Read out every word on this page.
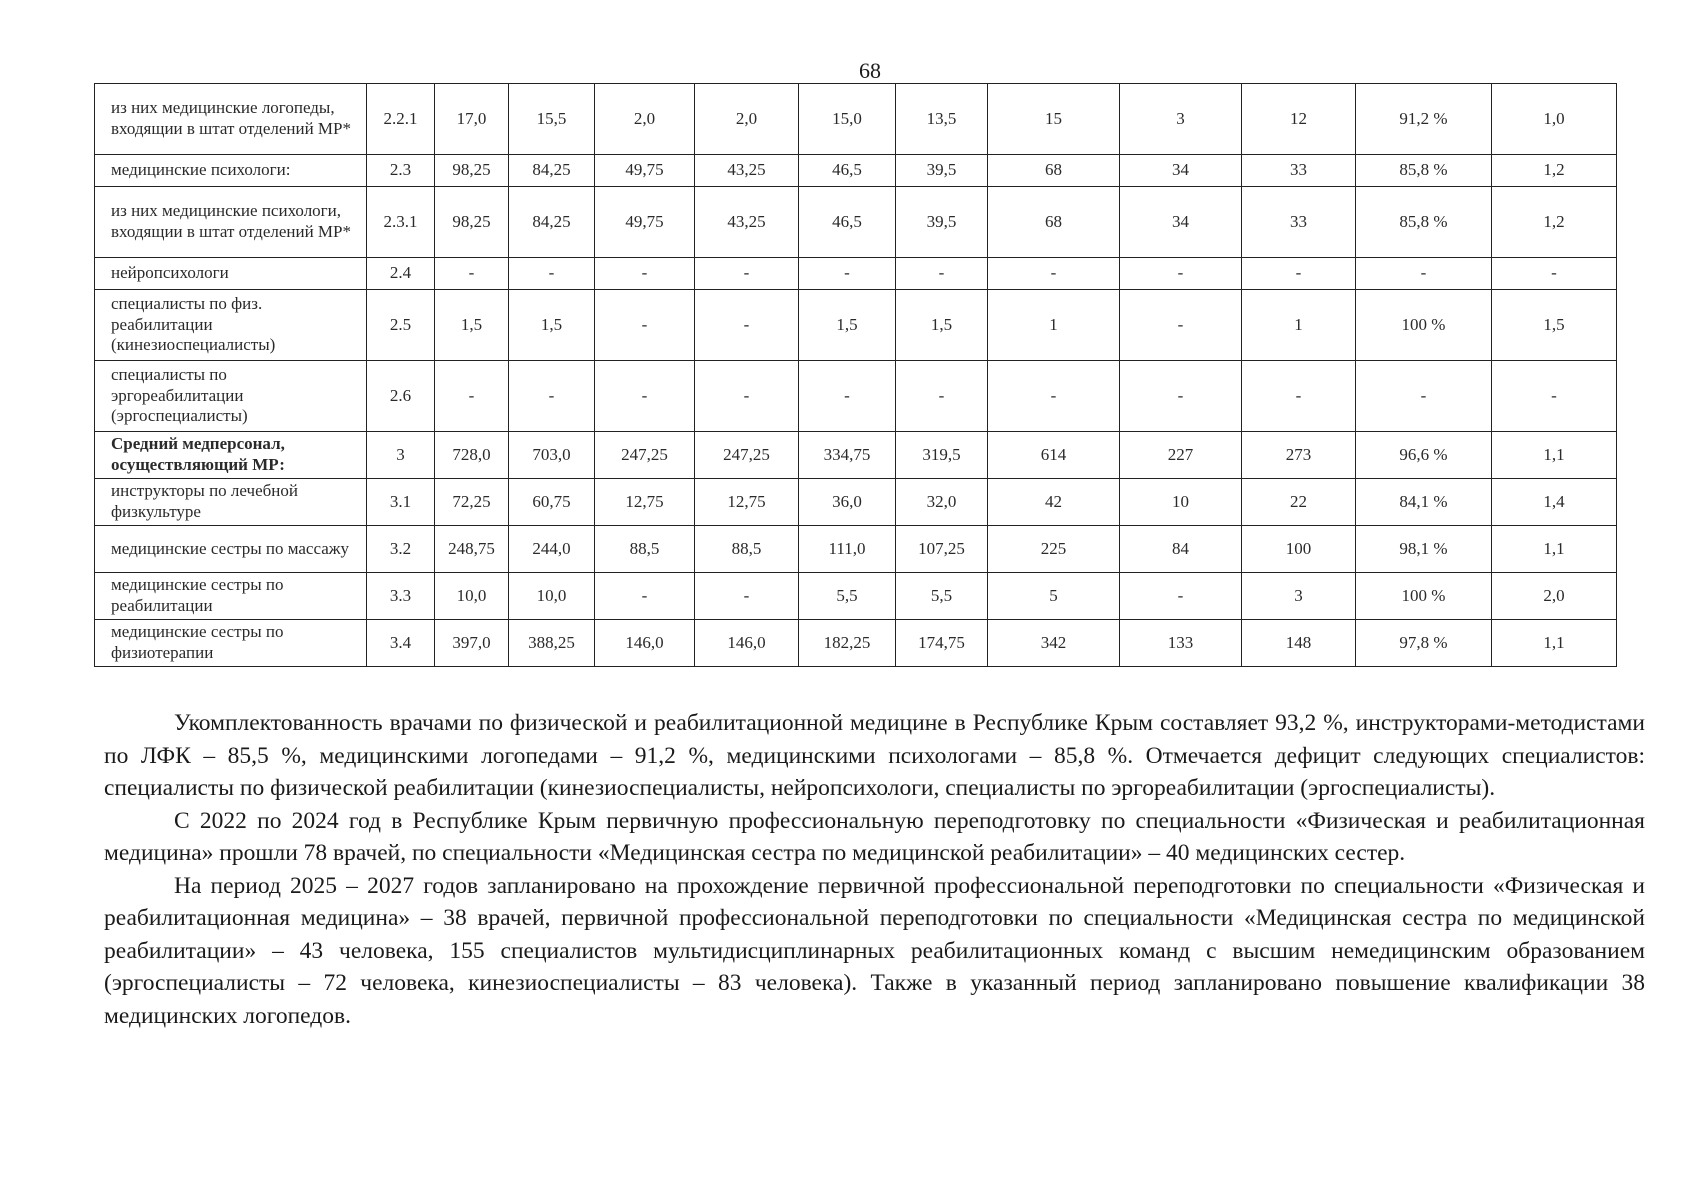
68
из них медицинские логопеды, входящии в штат отделений МР*	2.2.1	17,0	15,5	2,0	2,0	15,0	13,5	15	3	12	91,2 %	1,0
медицинские психологи:	2.3	98,25	84,25	49,75	43,25	46,5	39,5	68	34	33	85,8 %	1,2
из них медицинские психологи, входящии в штат отделений МР*	2.3.1	98,25	84,25	49,75	43,25	46,5	39,5	68	34	33	85,8 %	1,2
нейропсихологи	2.4	-	-	-	-	-	-	-	-	-	-	-
специалисты по физ. реабилитации (кинезиоспециалисты)	2.5	1,5	1,5	-	-	1,5	1,5	1	-	1	100 %	1,5
специалисты по эргореабилитации (эргоспециалисты)	2.6	-	-	-	-	-	-	-	-	-	-	-
Средний медперсонал, осуществляющий МР:	3	728,0	703,0	247,25	247,25	334,75	319,5	614	227	273	96,6 %	1,1
инструкторы по лечебной физкультуре	3.1	72,25	60,75	12,75	12,75	36,0	32,0	42	10	22	84,1 %	1,4
медицинские сестры по массажу	3.2	248,75	244,0	88,5	88,5	111,0	107,25	225	84	100	98,1 %	1,1
медицинские сестры по реабилитации	3.3	10,0	10,0	-	-	5,5	5,5	5	-	3	100 %	2,0
медицинские сестры по физиотерапии	3.4	397,0	388,25	146,0	146,0	182,25	174,75	342	133	148	97,8 %	1,1

Укомплектованность врачами по физической и реабилитационной медицине в Республике Крым составляет 93,2 %, инструкторами-методистами по ЛФК – 85,5 %, медицинскими логопедами – 91,2 %, медицинскими психологами – 85,8 %. Отмечается дефицит следующих специалистов: специалисты по физической реабилитации (кинезиоспециалисты, нейропсихологи, специалисты по эргореабилитации (эргоспециалисты).

С 2022 по 2024 год в Республике Крым первичную профессиональную переподготовку по специальности «Физическая и реабилитационная медицина» прошли 78 врачей, по специальности «Медицинская сестра по медицинской реабилитации» – 40 медицинских сестер.

На период 2025 – 2027 годов запланировано на прохождение первичной профессиональной переподготовки по специальности «Физическая и реабилитационная медицина» – 38 врачей, первичной профессиональной переподготовки по специальности «Медицинская сестра по медицинской реабилитации» – 43 человека, 155 специалистов мультидисциплинарных реабилитационных команд с высшим немедицинским образованием (эргоспециалисты – 72 человека, кинезиоспециалисты – 83 человека). Также в указанный период запланировано повышение квалификации 38 медицинских логопедов.
